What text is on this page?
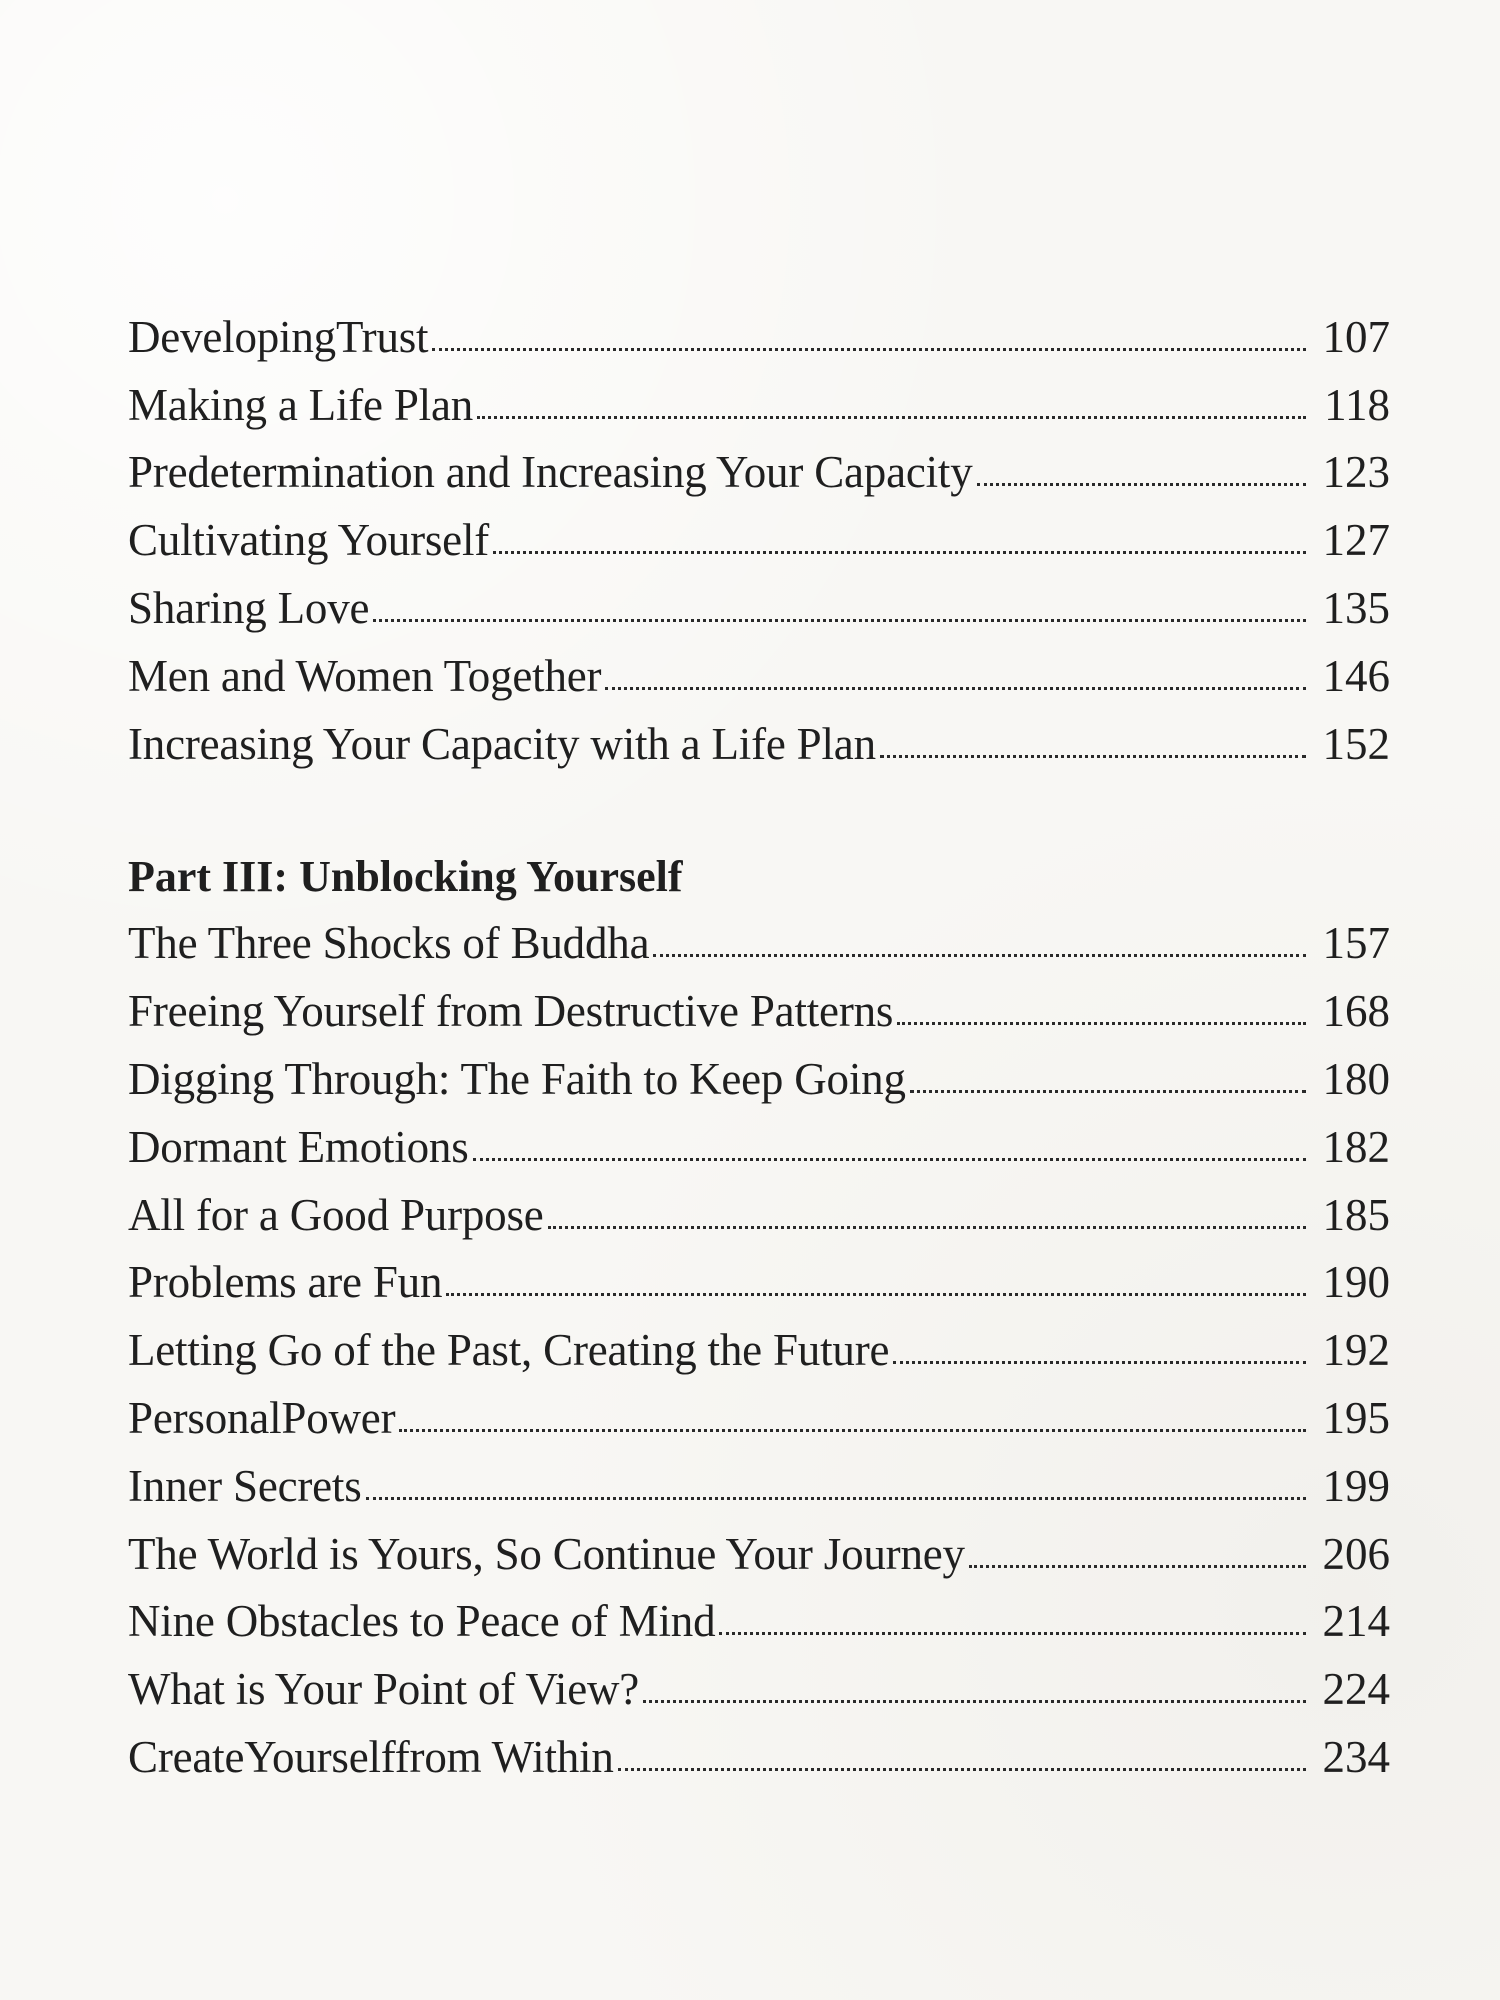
DevelopingTrust	107
Making a Life Plan	118
Predetermination and Increasing Your Capacity	123
Cultivating Yourself	127
Sharing Love	135
Men and Women Together	146
Increasing Your Capacity with a Life Plan	152
Part III: Unblocking Yourself
The Three Shocks of Buddha	157
Freeing Yourself from Destructive Patterns	168
Digging Through: The Faith to Keep Going	180
Dormant Emotions	182
All for a Good Purpose	185
Problems are Fun	190
Letting Go of the Past, Creating the Future	192
PersonalPower	195
Inner Secrets	199
The World is Yours, So Continue Your Journey	206
Nine Obstacles to Peace of Mind	214
What is Your Point of View?	224
CreateYourselffrom Within	234
